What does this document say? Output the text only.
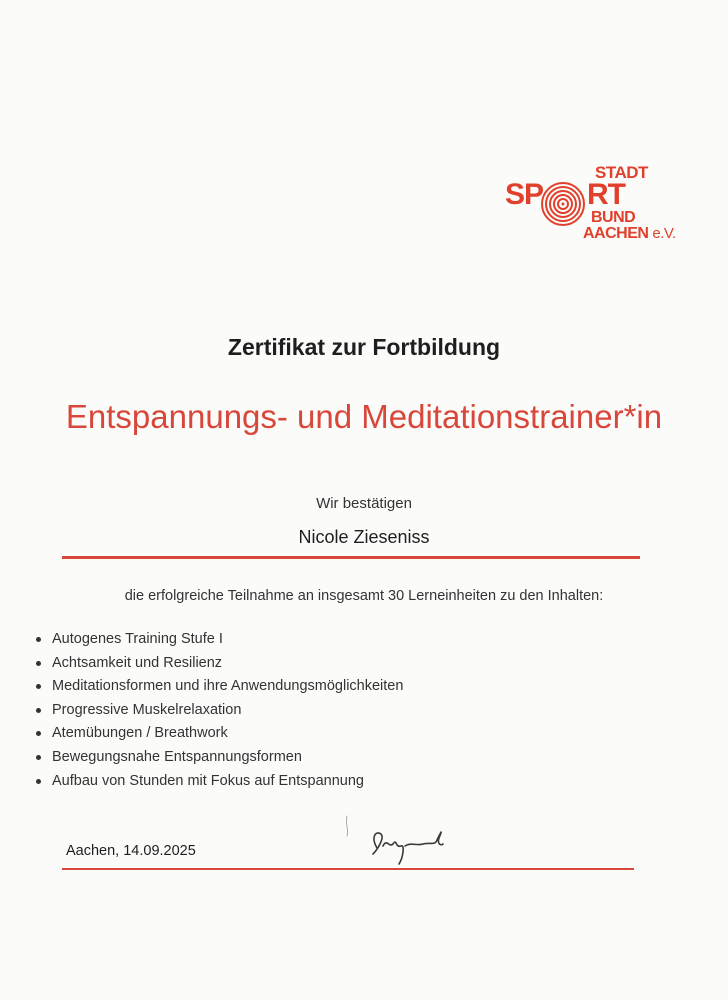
STADT
SP RT
BUND
AACHEN e.V.
Zertifikat zur Fortbildung
Entspannungs- und Meditationstrainer*in
Wir bestätigen
Nicole Zieseniss
die erfolgreiche Teilnahme an insgesamt 30 Lerneinheiten zu den Inhalten:
Autogenes Training Stufe I
Achtsamkeit und Resilienz
Meditationsformen und ihre Anwendungsmöglichkeiten
Progressive Muskelrelaxation
Atemübungen / Breathwork
Bewegungsnahe Entspannungsformen
Aufbau von Stunden mit Fokus auf Entspannung
Aachen, 14.09.2025
